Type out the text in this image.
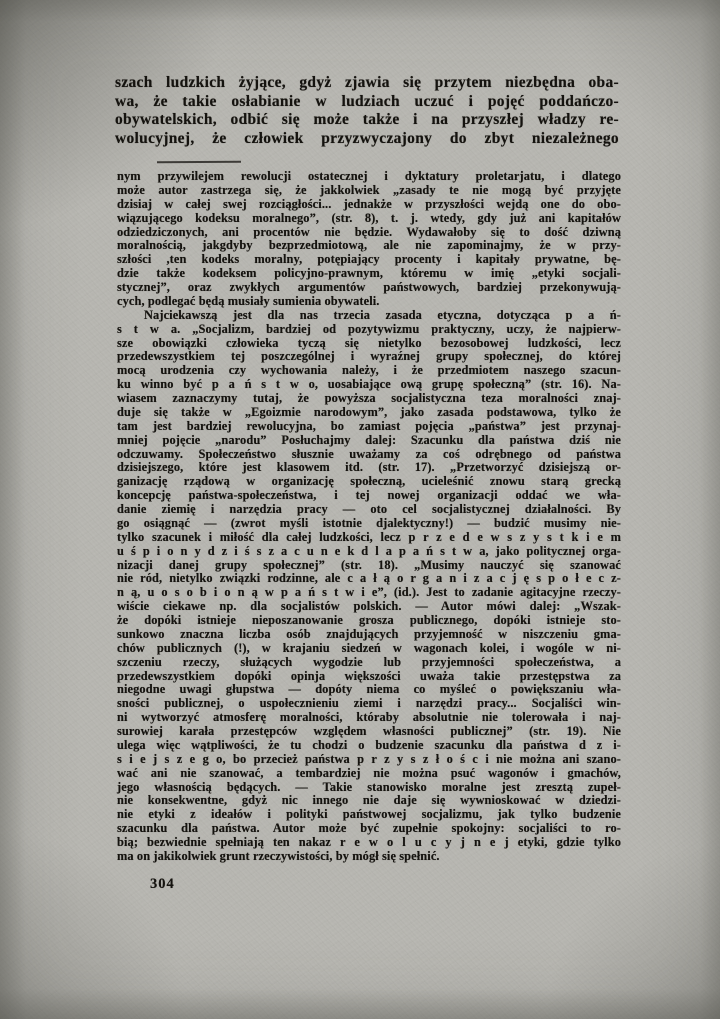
szach ludzkich żyjące, gdyż zjawia się przytem niezbędna oba-
wa, że takie osłabianie w ludziach uczuć i pojęć poddańczo-
obywatelskich, odbić się może także i na przyszłej władzy re-
wolucyjnej, że człowiek przyzwyczajony do zbyt niezależnego
nym przywilejem rewolucji ostatecznej i dyktatury proletarjatu, i dlatego
może autor zastrzega się, że jakkolwiek „zasady te nie mogą być przyjęte
dzisiaj w całej swej rozciągłości... jednakże w przyszłości wejdą one do obo-
wiązującego kodeksu moralnego”, (str. 8), t. j. wtedy, gdy już ani kapitałów
odziedziczonych, ani procentów nie będzie. Wydawałoby się to dość dziwną
moralnością, jakgdyby bezprzedmiotową, ale nie zapominajmy, że w przy-
szłości ,ten kodeks moralny, potępiający procenty i kapitały prywatne, bę-
dzie także kodeksem policyjno-prawnym, któremu w imię „etyki socjali-
stycznej”, oraz zwykłych argumentów państwowych, bardziej przekonywują-
cych, podlegać będą musiały sumienia obywateli.
Najciekawszą jest dla nas trzecia zasada etyczna, dotycząca p a ń-
s t w a. „Socjalizm, bardziej od pozytywizmu praktyczny, uczy, że najpierw-
sze obowiązki człowieka tyczą się nietylko bezosobowej ludzkości, lecz
przedewszystkiem tej poszczególnej i wyraźnej grupy społecznej, do której
mocą urodzenia czy wychowania należy, i że przedmiotem naszego szacun-
ku winno być p a ń s t w o, uosabiające ową grupę społeczną” (str. 16). Na-
wiasem zaznaczymy tutaj, że powyższa socjalistyczna teza moralności znaj-
duje się także w „Egoizmie narodowym”, jako zasada podstawowa, tylko że
tam jest bardziej rewolucyjna, bo zamiast pojęcia „państwa” jest przynaj-
mniej pojęcie „narodu” Posłuchajmy dalej: Szacunku dla państwa dziś nie
odczuwamy. Społeczeństwo słusznie uważamy za coś odrębnego od państwa
dzisiejszego, które jest klasowem itd. (str. 17). „Przetworzyć dzisiejszą or-
ganizację rządową w organizację społeczną, ucieleśnić znowu starą grecką
koncepcję państwa-społeczeństwa, i tej nowej organizacji oddać we wła-
danie ziemię i narzędzia pracy — oto cel socjalistycznej działalności. By
go osiągnąć — (zwrot myśli istotnie djalektyczny!) — budzić musimy nie-
tylko szacunek i miłość dla całej ludzkości, lecz p r z e d e w s z y s t k i e m
u ś p i o n y d z i ś s z a c u n e k d l a p a ń s t w a, jako politycznej orga-
nizacji danej grupy społecznej” (str. 18). „Musimy nauczyć się szanować
nie ród, nietylko związki rodzinne, ale c a ł ą o r g a n i z a c j ę s p o ł e c z-
n ą, u o s o b i o n ą w p a ń s t w i e”, (id.). Jest to zadanie agitacyjne rzeczy-
wiście ciekawe np. dla socjalistów polskich. — Autor mówi dalej: „Wszak-
że dopóki istnieje nieposzanowanie grosza publicznego, dopóki istnieje sto-
sunkowo znaczna liczba osób znajdujących przyjemność w niszczeniu gma-
chów publicznych (!), w krajaniu siedzeń w wagonach kolei, i wogóle w ni-
szczeniu rzeczy, służących wygodzie lub przyjemności społeczeństwa, a
przedewszystkiem dopóki opinja większości uważa takie przestępstwa za
niegodne uwagi głupstwa — dopóty niema co myśleć o powiększaniu wła-
sności publicznej, o uspołecznieniu ziemi i narzędzi pracy... Socjaliści win-
ni wytworzyć atmosferę moralności, któraby absolutnie nie tolerowała i naj-
surowiej karała przestępców względem własności publicznej” (str. 19). Nie
ulega więc wątpliwości, że tu chodzi o budzenie szacunku dla państwa d z i-
s i e j s z e g o, bo przecież państwa p r z y s z ł o ś c i nie można ani szano-
wać ani nie szanować, a tembardziej nie można psuć wagonów i gmachów,
jego własnością będących. — Takie stanowisko moralne jest zresztą zupeł-
nie konsekwentne, gdyż nic innego nie daje się wywnioskować w dziedzi-
nie etyki z ideałów i polityki państwowej socjalizmu, jak tylko budzenie
szacunku dla państwa. Autor może być zupełnie spokojny: socjaliści to ro-
bią; bezwiednie spełniają ten nakaz r e w o l u c y j n e j etyki, gdzie tylko
ma on jakikolwiek grunt rzeczywistości, by mógł się spełnić.
304
